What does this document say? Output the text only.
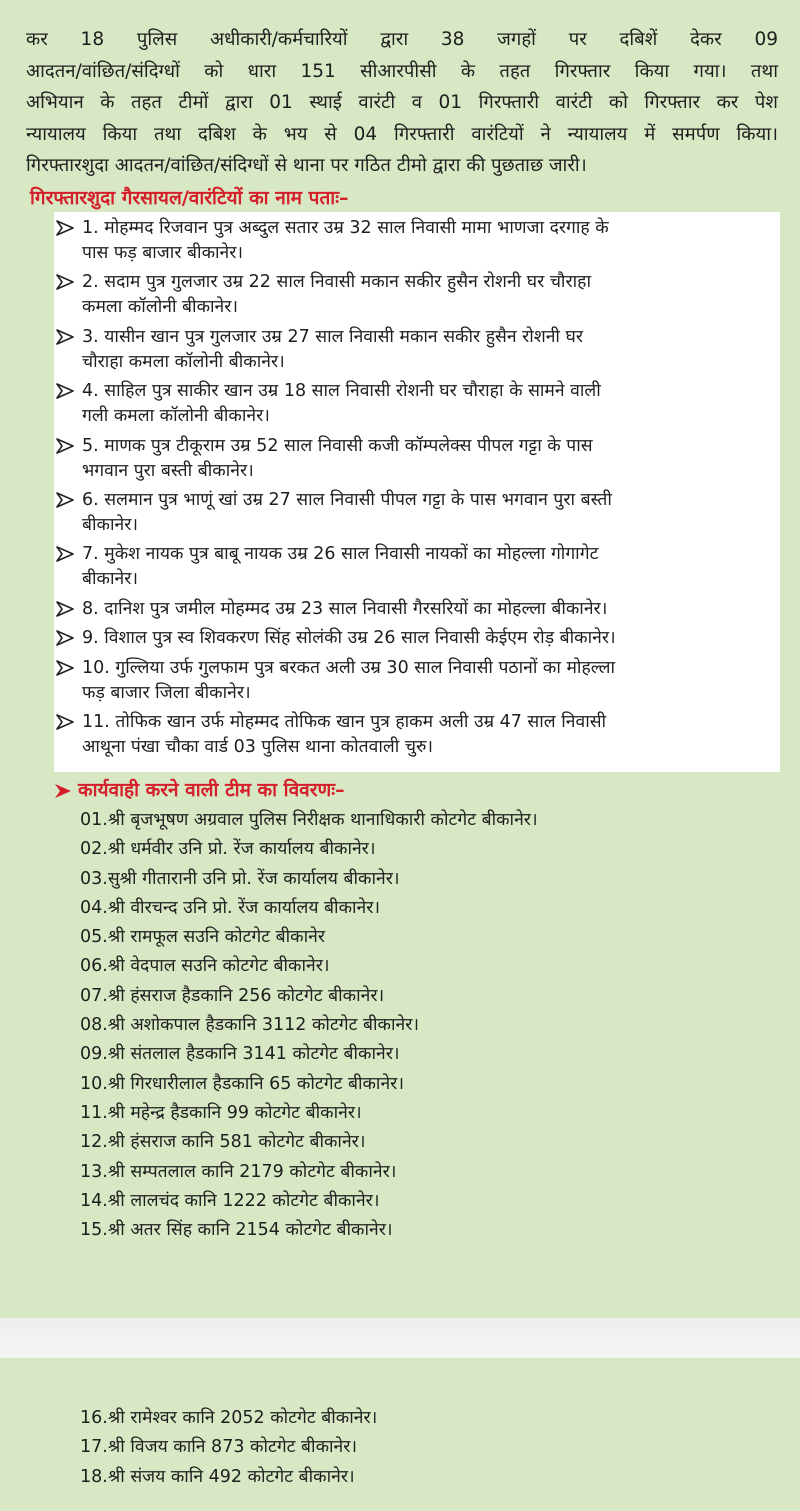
कर 18 पुलिस अधीकारी/कर्मचारियों द्वारा 38 जगहों पर दबिशें देकर 09
आदतन/वांछित/संदिग्धों को धारा 151 सीआरपीसी के तहत गिरफ्तार किया गया। तथा
अभियान के तहत टीमों द्वारा 01 स्थाई वारंटी व 01 गिरफ्तारी वारंटी को गिरफ्तार कर पेश
न्यायालय किया तथा दबिश के भय से 04 गिरफ्तारी वारंटियों ने न्यायालय में समर्पण किया।
गिरफ्तारशुदा आदतन/वांछित/संदिग्धों से थाना पर गठित टीमो द्वारा की पुछताछ जारी।

गिरफ्तारशुदा गैरसायल/वारंटियों का नाम पताः–
1. मोहम्मद रिजवान पुत्र अब्दुल सतार उम्र 32 साल निवासी मामा भाणजा दरगाह के
पास फड़ बाजार बीकानेर।
2. सदाम पुत्र गुलजार उम्र 22 साल निवासी मकान सकीर हुसैन रोशनी घर चौराहा
कमला कॉलोनी बीकानेर।
3. यासीन खान पुत्र गुलजार उम्र 27 साल निवासी मकान सकीर हुसैन रोशनी घर
चौराहा कमला कॉलोनी बीकानेर।
4. साहिल पुत्र साकीर खान उम्र 18 साल निवासी रोशनी घर चौराहा के सामने वाली
गली कमला कॉलोनी बीकानेर।
5. माणक पुत्र टीकूराम उम्र 52 साल निवासी कजी कॉम्पलेक्स पीपल गट्टा के पास
भगवान पुरा बस्ती बीकानेर।
6. सलमान पुत्र भाणूं खां उम्र 27 साल निवासी पीपल गट्टा के पास भगवान पुरा बस्ती
बीकानेर।
7. मुकेश नायक पुत्र बाबू नायक उम्र 26 साल निवासी नायकों का मोहल्ला गोगागेट
बीकानेर।
8. दानिश पुत्र जमील मोहम्मद उम्र 23 साल निवासी गैरसरियों का मोहल्ला बीकानेर।
9. विशाल पुत्र स्व शिवकरण सिंह सोलंकी उम्र 26 साल निवासी केईएम रोड़ बीकानेर।
10. गुल्लिया उर्फ गुलफाम पुत्र बरकत अली उम्र 30 साल निवासी पठानों का मोहल्ला
फड़ बाजार जिला बीकानेर।
11. तोफिक खान उर्फ मोहम्मद तोफिक खान पुत्र हाकम अली उम्र 47 साल निवासी
आथूना पंखा चौका वार्ड 03 पुलिस थाना कोतवाली चुरु।
कार्यवाही करने वाली टीम का विवरणः–
01.श्री बृजभूषण अग्रवाल पुलिस निरीक्षक थानाधिकारी कोटगेट बीकानेर।
02.श्री धर्मवीर उनि प्रो. रेंज कार्यालय बीकानेर।
03.सुश्री गीतारानी उनि प्रो. रेंज कार्यालय बीकानेर।
04.श्री वीरचन्द उनि प्रो. रेंज कार्यालय बीकानेर।
05.श्री रामफूल सउनि कोटगेट बीकानेर
06.श्री वेदपाल सउनि कोटगेट बीकानेर।
07.श्री हंसराज हैडकानि 256 कोटगेट बीकानेर।
08.श्री अशोकपाल हैडकानि 3112 कोटगेट बीकानेर।
09.श्री संतलाल हैडकानि 3141 कोटगेट बीकानेर।
10.श्री गिरधारीलाल हैडकानि 65 कोटगेट बीकानेर।
11.श्री महेन्द्र हैडकानि 99 कोटगेट बीकानेर।
12.श्री हंसराज कानि 581 कोटगेट बीकानेर।
13.श्री सम्पतलाल कानि 2179 कोटगेट बीकानेर।
14.श्री लालचंद कानि 1222 कोटगेट बीकानेर।
15.श्री अतर सिंह कानि 2154 कोटगेट बीकानेर।
16.श्री रामेश्वर कानि 2052 कोटगेट बीकानेर।
17.श्री विजय कानि 873 कोटगेट बीकानेर।
18.श्री संजय कानि 492 कोटगेट बीकानेर।
